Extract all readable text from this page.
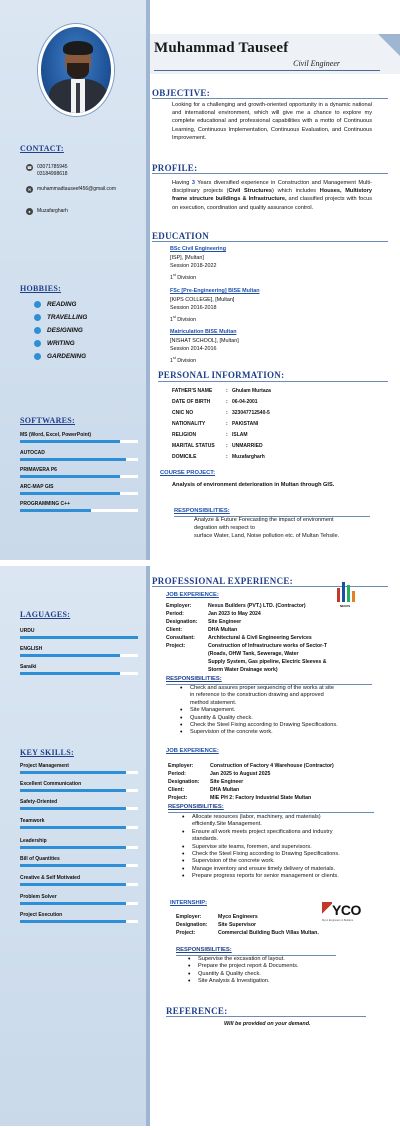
Muhammad Tauseef
Civil Engineer
CONTACT:
☎ 03071785945
03184998618
✉	muhammadtauseef456@gmail.com
●	Muzafargharh
HOBBIES:
READING
TRAVELLING
DESIGNING
WRITING
GARDENING
SOFTWARES:
MS (Word, Excel, PowerPoint)
AUTOCAD
PRIMAVERA P6
ARC-MAP GIS
PROGRAMMING C++
OBJECTIVE:
Looking for a challenging and growth-oriented opportunity in a dynamic national and international environment, which will give me a chance to explore my complete educational and professional capabilities with a motto of Continuous Learning, Continuous Implementation, Continuous Evaluation, and Continuous Improvement.
PROFILE:
Having 3 Years diversified experience in Construction and Management Multi-disciplinary projects (Civil Structures) which includes Houses, Multistory frame structure buildings & Infrastructure, and classified projects with focus on execution, coordination and quality assurance control.
EDUCATION
BSc Civil Engineering
[ISP], [Multan]
Session 2018-2022
1st Division
FSc [Pre-Engineering] BISE Multan
[KIPS COLLEGE], [Multan]
Session 2016-2018
1st Division
Matriculation BISE Multan
[NISHAT SCHOOL], [Multan]
Session 2014-2016
1st Division
PERSONAL INFORMATION:
FATHER'S NAME	: Ghulam Murtaza
DATE OF BIRTH	: 06-04-2001
CNIC NO	: 323047712540-5
NATIONALITY	: PAKISTANI
RELIGION	: ISLAM
MARITAL STATUS	: UNMARRIED
DOMICILE	: Muzafargharh
COURSE PROJECT:
Analysis of environment deterioration in Multan through GIS.
RESPONSIBILITIES:
Analyze & Future Forecasting the impact of environment
degration with respect to
surface Water, Land, Noise pollution etc. of Multan Tehsile.
LAGUAGES:
URDU
ENGLISH
Saraiki
KEY SKILLS:
Project Management
Excellent Communication
Safety-Oriented
Teamwork
Leadership
Bill of Quantities
Creative & Self Motivated
Problem Solver
Project Execution
PROFESSIONAL EXPERIENCE:
NEXUS
JOB EXPERIENCE:
Employer:	Nexus Builders (PVT.) LTD. (Contractor)
Period:	Jan 2023 to May 2024
Designation: Site Engineer
Client:	DHA Multan
Consultant:	Architectural & Civil Engineering Services
Project:	Construction of Infrastructure works of Sector-T
(Roads, OHW Tank, Sewerage, Water
Supply System, Gas pipeline, Electric Sleeves &
Storm Water Drainage work)
RESPONSIBILITIES:
• Check and assures proper sequencing of the works at site
in reference to the construction drawing and approved
method statement.
• Site Management.
• Quantity & Quality check.
• Check the Steel Fixing according to Drawing Specifications.
• Supervision of the concrete work.
JOB EXPERIENCE:
Employer:	Construction of Factory 4 Warehouse (Contractor)
Period:	Jan 2025 to August 2025
Designation: Site Engineer
Client:	DHA Multan
Project:	MIE PH 2: Factory Industrial State Multan
RESPONSIBILITIES:
• Allocate resources (labor, machinery, and materials)
efficiently.Site Management.
• Ensure all work meets project specifications and industry
standards.
• Supervise site teams, foremen, and supervisors.
• Check the Steel Fixing according to Drawing Specifications.
• Supervision of the concrete work.
• Manage inventory and ensure timely delivery of materials.
• Prepare progress reports for senior management or clients.
INTERNSHIP:	YCO
Myco Engineers & Builders
Employer:	Myco Engineers
Designation: Site Supervisor
Project:	Commercial Building Buch Villas Multan.
RESPONSIBILITIES:
• Supervise the excavation of layout.
• Prepare the project report & Documents.
• Quantity & Quality check.
• Site Analysis & Investigation.
REFERENCE:
Will be provided on your demand.
